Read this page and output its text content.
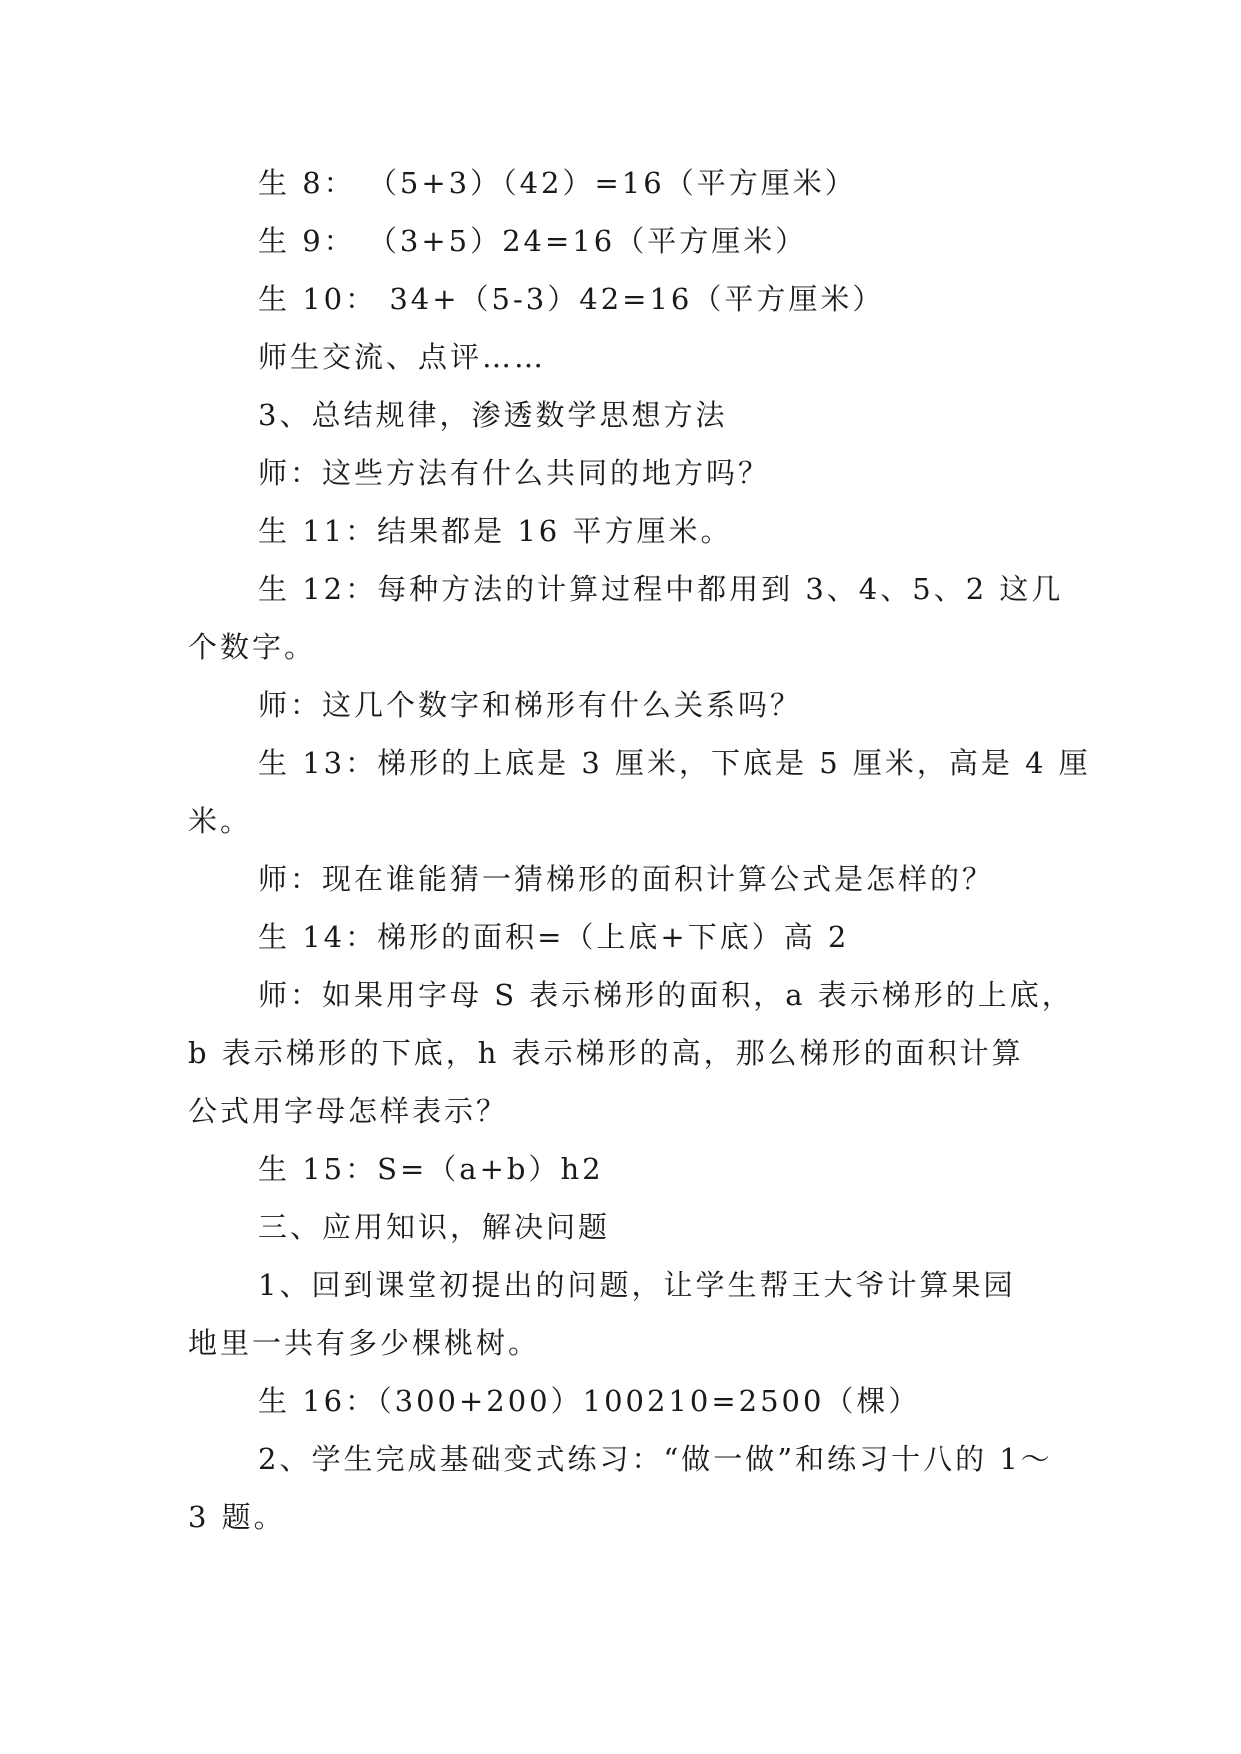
生 8： （5+3）（42）=16（平方厘米）
生 9： （3+5）24=16（平方厘米）
生 10： 34+（5-3）42=16（平方厘米）
师生交流、点评……
3、总结规律，渗透数学思想方法
师：这些方法有什么共同的地方吗？
生 11：结果都是 16 平方厘米。
生 12：每种方法的计算过程中都用到 3、4、5、2 这几
个数字。
师：这几个数字和梯形有什么关系吗？
生 13：梯形的上底是 3 厘米，下底是 5 厘米，高是 4 厘
米。
师：现在谁能猜一猜梯形的面积计算公式是怎样的？
生 14：梯形的面积=（上底+下底）高 2
师：如果用字母 S 表示梯形的面积，a 表示梯形的上底，
b 表示梯形的下底，h 表示梯形的高，那么梯形的面积计算
公式用字母怎样表示？
生 15：S=（a+b）h2
三、应用知识，解决问题
1、回到课堂初提出的问题，让学生帮王大爷计算果园
地里一共有多少棵桃树。
生 16：（300+200）100210=2500（棵）
2、学生完成基础变式练习：“做一做”和练习十八的 1～
3 题。
